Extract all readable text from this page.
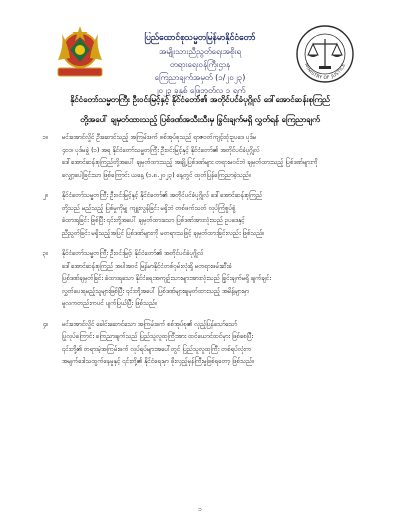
ပြည်ထောင်စုသမ္မတမြန်မာနိုင်ငံတော်
အမျိုးသားညီညွတ်ရေးအစိုးရ
တရားရေးဝန်ကြီးဌာန
ကြေညာချက်အမှတ် (၁/၂၀၂၃)
၂၀၂၃ ခုနှစ် ဖြေဘုတ်လ ၁ ရက်
MINISTRY OF JUSTICE
နိုင်ငံတော်သမ္မတကြီး ဦးဝင်းမြင့်နှင့် နိုင်ငံတော်၏ အတိုင်ပင်ခံပုဂ္ဂိုလ် ဒေါ်အောင်ဆန်းစုကြည်
တို့အပေါ် ချမှတ်ထားသည့် ပြစ်ဒဏ်အသီးသီးမှ ခြွင်းချက်မရှိ လွှတ်ရန် ကြေညာချက်
၁။ မင်းအောင်လှိုင် ဦးဆောင်သည့် အကြမ်းဖက် စစ်အုပ်စုသည် ရာဇဝတ်ကျင့်ထုံးဥပဒေ ပုဒ်မ
၄၀၁၊ ပုဒ်မခွဲ (၁) အရ နိုင်ငံတော်သမ္မတကြီး ဦးဝင်းမြင့်နှင့် နိုင်ငံတော်၏ အတိုင်ပင်ခံပုဂ္ဂိုလ်
ဒေါ်အောင်ဆန်းစုကြည်တို့အပေါ် ချမှတ်ထားသည့် အချို့ပြစ်ဒဏ်များ တရားမဝင်ဘဲ ချမှတ်ထားသည့် ပြစ်ဒဏ်များကို
လျှော့ပေါ့ခြင်းသာ ဖြစ်ကြောင်း ယနေ့ (၁.၈.၂၀၂၃) နေ့တွင် ထုတ်ပြန်ကြေညာခဲ့သည်။
၂။ နိုင်ငံတော်သမ္မတကြီး ဦးဝင်းမြင့်နှင့် နိုင်ငံတော်၏ အတိုင်ပင်ခံပုဂ္ဂိုလ် ဒေါ်အောင်ဆန်းစုကြည်
တို့သည် မည်သည့် ပြစ်မှုကိုမျှ ကျူးလွန်ခြင်း မရှိဘဲ တစ်ဖက်သတ် လုပ်ကြံစွပ်စွဲ
ခံထားရခြင်း ဖြစ်ပြီး ၎င်းတို့အပေါ် ချမှတ်ထားသော ပြစ်ဒဏ်အားလုံးသည် ဥပဒေနှင့်
ညီညွတ်ခြင်း မရှိသည့်အပြင် ပြစ်ဒဏ်များကို မတရားသဖြင့် ချမှတ်ထားခြင်းလည်း ဖြစ်သည်။
၃။ နိုင်ငံတော်သမ္မတကြီး ဦးဝင်းမြင့်၊ နိုင်ငံတော်၏ အတိုင်ပင်ခံပုဂ္ဂိုလ်
ဒေါ်အောင်ဆန်းစုကြည် အပါအဝင် မြန်မာနိုင်ငံတစ်ဝှမ်းလုံးရှိ မတရားဖမ်းဆီးခံ
ပြစ်ဒဏ်ချမှတ်ခြင်း ခံထားရသော နိုင်ငံရေးအကျဉ်းသားများအားလုံးသည် ခြွင်းချက်မရှိ ချက်ချင်း
လွှတ်ပေးရမည့်သူများဖြစ်ပြီး ၎င်းတို့အပေါ် ပြစ်ဒဏ်များချမှတ်ထားသည့် အမိန့်များမှာ
မူလကတည်းကပင် ပျက်ပြယ်ပြီး ဖြစ်သည်။
၄။ မင်းအောင်လှိုင် ခေါင်းဆောင်သော အကြမ်းဖက် စစ်အုပ်စု၏ လှည့်ပြန်သော်သော်
ပြုလုပ်ကြောင်း ကြေညာချက်သည် ပြည်သူလူထုကြီးအား ထင်ယောင်ထင်မှား ဖြစ်စေပြီး
၎င်းတို့၏ တရားမဲ့အကြမ်းဖက် လုပ်ရပ်များအပေါ်တွင် ပြည်သူလူထုကြီး တစ်ရပ်လုံးက
အမျက်ဒေါသထွက်နေမှုနှင့် ၎င်းတို့၏ နိုင်ငံရေးမှာ ဖိုးလှည့်မှန်ကြီးမှုဖြစ်ရတော့ ဖြစ်သည်။
၁
